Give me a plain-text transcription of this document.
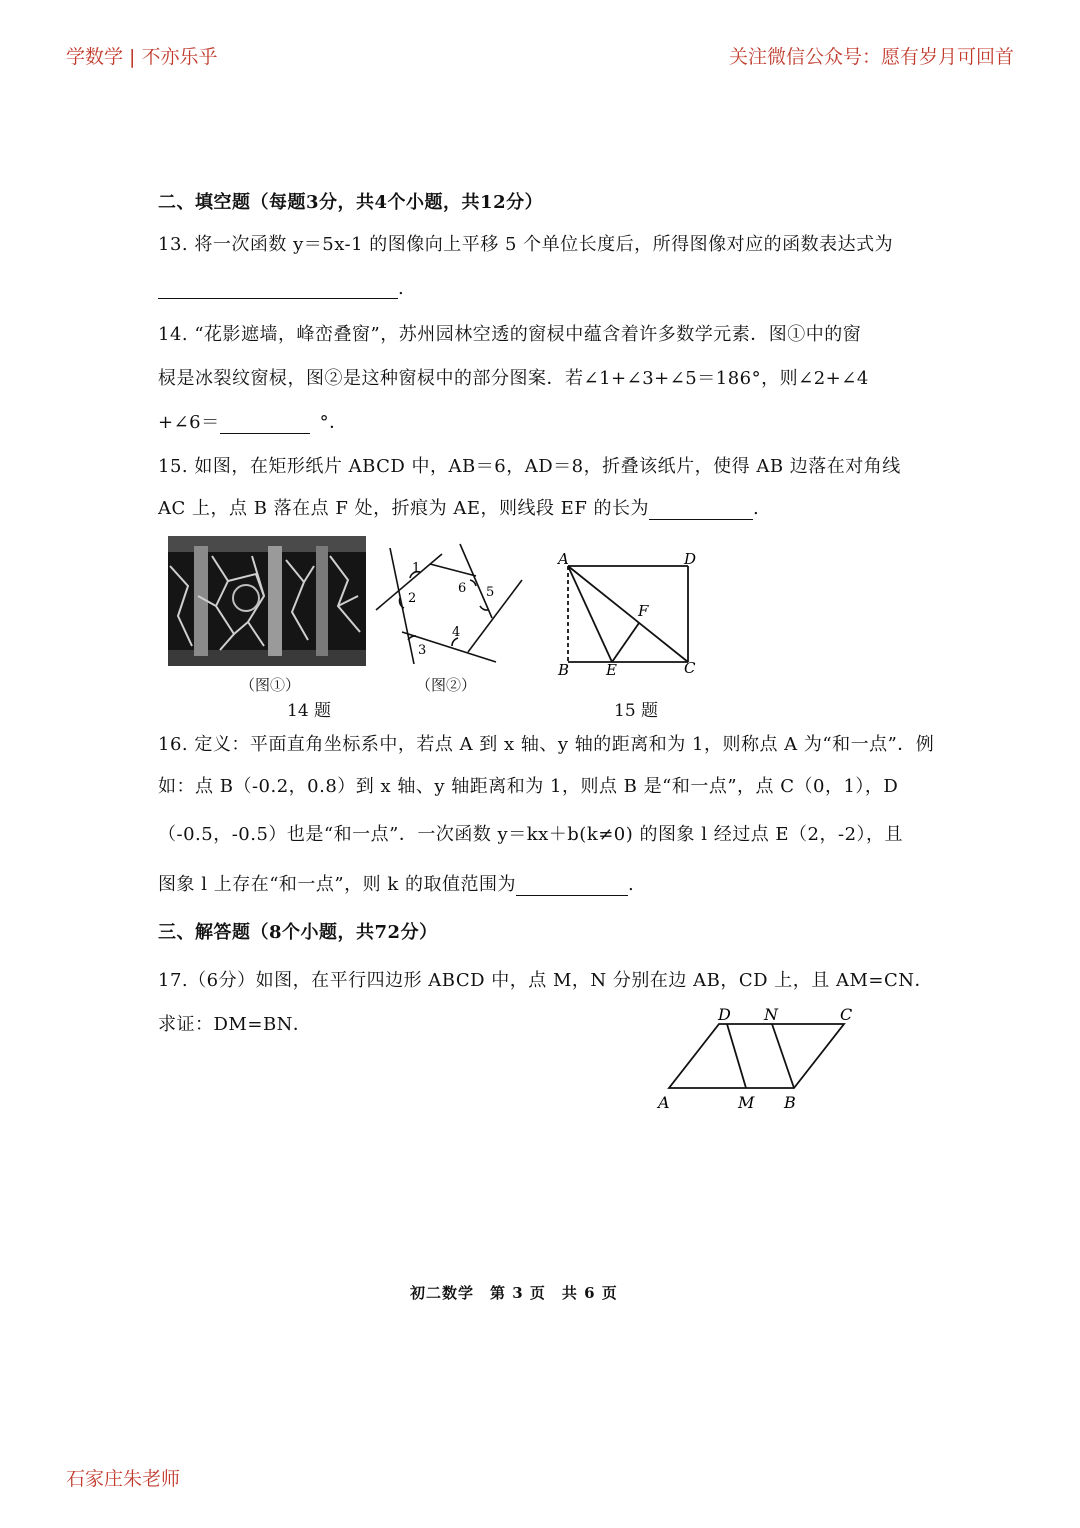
学数学 | 不亦乐乎	关注微信公众号：愿有岁月可回首
二、填空题（每题3分，共4个小题，共12分）
13. 将一次函数 y＝5x-1 的图像向上平移 5 个单位长度后，所得图像对应的函数表达式为
.
14. “花影遮墙，峰峦叠窗”，苏州园林空透的窗棂中蕴含着许多数学元素．图①中的窗
棂是冰裂纹窗棂，图②是这种窗棂中的部分图案．若∠1+∠3+∠5＝186°，则∠2+∠4
+∠6＝	°．
15. 如图，在矩形纸片 ABCD 中，AB＝6，AD＝8，折叠该纸片，使得 AB 边落在对角线
AC 上，点 B 落在点 F 处，折痕为 AE，则线段 EF 的长为	.
（图①）
1
2
3
4
5
6
（图②）
14 题
A	D
B E	C
F
15 题
16. 定义：平面直角坐标系中，若点 A 到 x 轴、y 轴的距离和为 1，则称点 A 为“和一点”．例
如：点 B（-0.2，0.8）到 x 轴、y 轴距离和为 1，则点 B 是“和一点”，点 C（0，1），D
（-0.5，-0.5）也是“和一点”．一次函数 y＝kx＋b(k≠0) 的图象 l 经过点 E（2，-2），且
图象 l 上存在“和一点”，则 k 的取值范围为	.
三、解答题（8个小题，共72分）
17.（6分）如图，在平行四边形 ABCD 中，点 M，N 分别在边 AB，CD 上，且 AM=CN．
求证：DM=BN．	D N	C
A	M B
初二数学　第 3 页　共 6 页
石家庄朱老师
